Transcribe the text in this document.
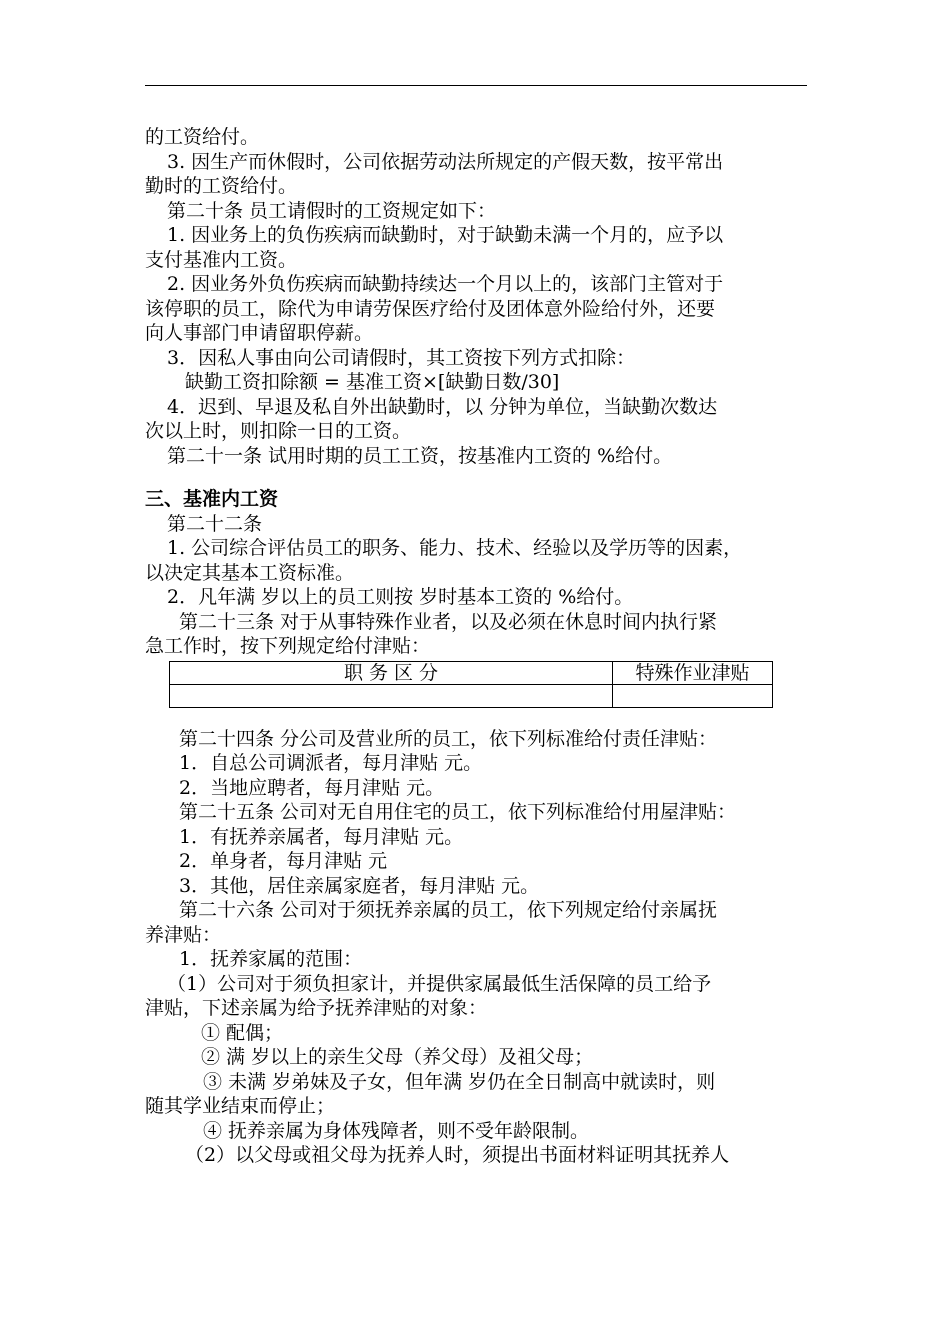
的工资给付。

3. 因生产而休假时，公司依据劳动法所规定的产假天数，按平常出

勤时的工资给付。

第二十条 员工请假时的工资规定如下：

1. 因业务上的负伤疾病而缺勤时，对于缺勤未满一个月的，应予以

支付基准内工资。

2. 因业务外负伤疾病而缺勤持续达一个月以上的，该部门主管对于

该停职的员工，除代为申请劳保医疗给付及团体意外险给付外，还要

向人事部门申请留职停薪。

3．因私人事由向公司请假时，其工资按下列方式扣除：

缺勤工资扣除额 = 基准工资×[缺勤日数/30]

4．迟到、早退及私自外出缺勤时，以 分钟为单位，当缺勤次数达

次以上时，则扣除一日的工资。

第二十一条 试用时期的员工工资，按基准内工资的 %给付。

三、基准内工资

第二十二条

1. 公司综合评估员工的职务、能力、技术、经验以及学历等的因素，

以决定其基本工资标准。

2．凡年满 岁以上的员工则按 岁时基本工资的 %给付。

第二十三条 对于从事特殊作业者，以及必须在休息时间内执行紧

急工作时，按下列规定给付津贴：

职 务 区 分	特殊作业津贴

第二十四条 分公司及营业所的员工，依下列标准给付责任津贴：

1．自总公司调派者，每月津贴 元。

2．当地应聘者，每月津贴 元。

第二十五条 公司对无自用住宅的员工，依下列标准给付用屋津贴：

1．有抚养亲属者，每月津贴 元。

2．单身者，每月津贴 元

3．其他，居住亲属家庭者，每月津贴 元。

第二十六条 公司对于须抚养亲属的员工，依下列规定给付亲属抚

养津贴：

1．抚养家属的范围：

（1）公司对于须负担家计，并提供家属最低生活保障的员工给予

津贴，下述亲属为给予抚养津贴的对象：

① 配偶；

② 满 岁以上的亲生父母（养父母）及祖父母；

③ 未满 岁弟妹及子女，但年满 岁仍在全日制高中就读时，则

随其学业结束而停止；

④ 抚养亲属为身体残障者，则不受年龄限制。

（2）以父母或祖父母为抚养人时，须提出书面材料证明其抚养人
